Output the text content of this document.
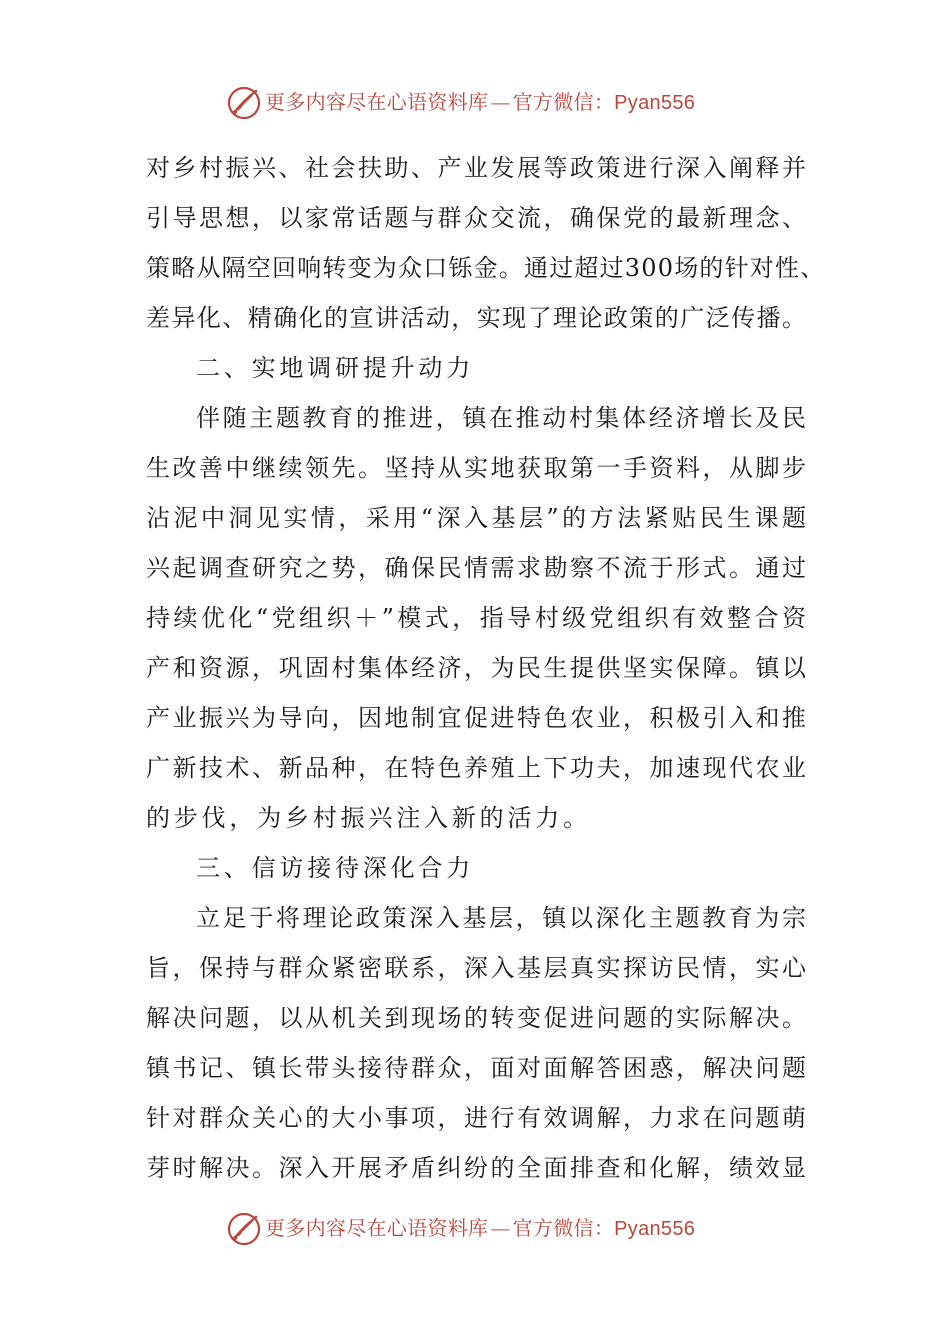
更多内容尽在心语资料库 — 官方微信：Pyan556
对乡村振兴、社会扶助、产业发展等政策进行深入阐释并
引导思想，以家常话题与群众交流，确保党的最新理念、
策略从隔空回响转变为众口铄金。通过超过300场的针对性、
差异化、精确化的宣讲活动，实现了理论政策的广泛传播。
二、实地调研提升动力
伴随主题教育的推进，镇在推动村集体经济增长及民
生改善中继续领先。坚持从实地获取第一手资料，从脚步
沾泥中洞见实情，采用“深入基层”的方法紧贴民生课题
兴起调查研究之势，确保民情需求勘察不流于形式。通过
持续优化“党组织＋”模式，指导村级党组织有效整合资
产和资源，巩固村集体经济，为民生提供坚实保障。镇以
产业振兴为导向，因地制宜促进特色农业，积极引入和推
广新技术、新品种，在特色养殖上下功夫，加速现代农业
的步伐，为乡村振兴注入新的活力。
三、信访接待深化合力
立足于将理论政策深入基层，镇以深化主题教育为宗
旨，保持与群众紧密联系，深入基层真实探访民情，实心
解决问题，以从机关到现场的转变促进问题的实际解决。
镇书记、镇长带头接待群众，面对面解答困惑，解决问题
针对群众关心的大小事项，进行有效调解，力求在问题萌
芽时解决。深入开展矛盾纠纷的全面排查和化解，绩效显
更多内容尽在心语资料库 — 官方微信：Pyan556
